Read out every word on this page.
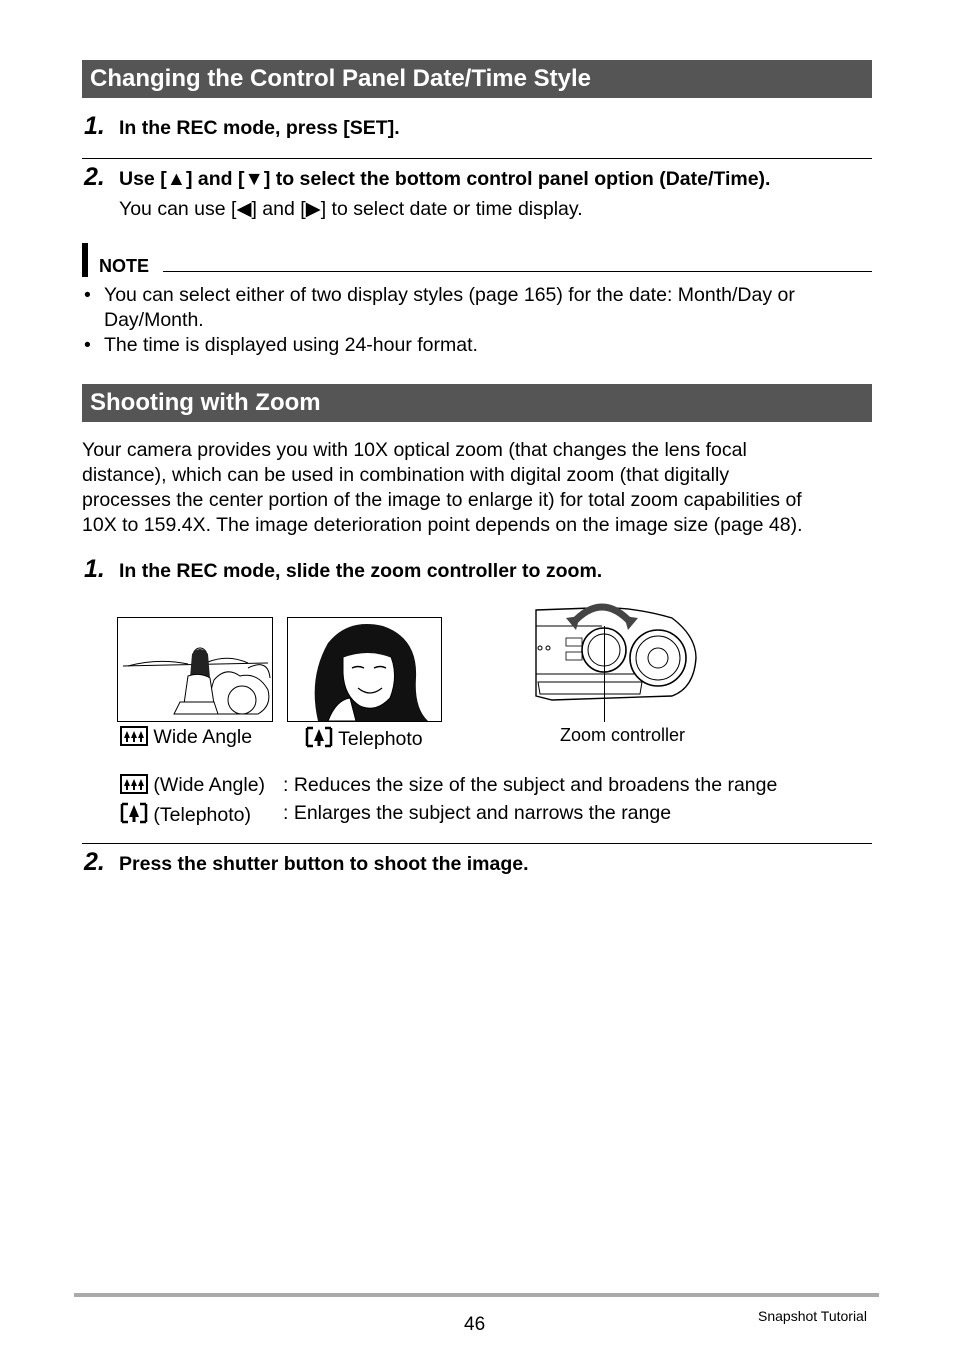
Changing the Control Panel Date/Time Style
1. In the REC mode, press [SET].
2. Use [▲] and [▼] to select the bottom control panel option (Date/Time).
You can use [◀] and [▶] to select date or time display.
NOTE
• You can select either of two display styles (page 165) for the date: Month/Day or
Day/Month.
• The time is displayed using 24-hour format.
Shooting with Zoom
Your camera provides you with 10X optical zoom (that changes the lens focal
distance), which can be used in combination with digital zoom (that digitally
processes the center portion of the image to enlarge it) for total zoom capabilities of
10X to 159.4X. The image deterioration point depends on the image size (page 48).
1. In the REC mode, slide the zoom controller to zoom.
Wide Angle	Telephoto	Zoom controller
(Wide Angle) : Reduces the size of the subject and broadens the range
(Telephoto) : Enlarges the subject and narrows the range
2. Press the shutter button to shoot the image.
46	Snapshot Tutorial
